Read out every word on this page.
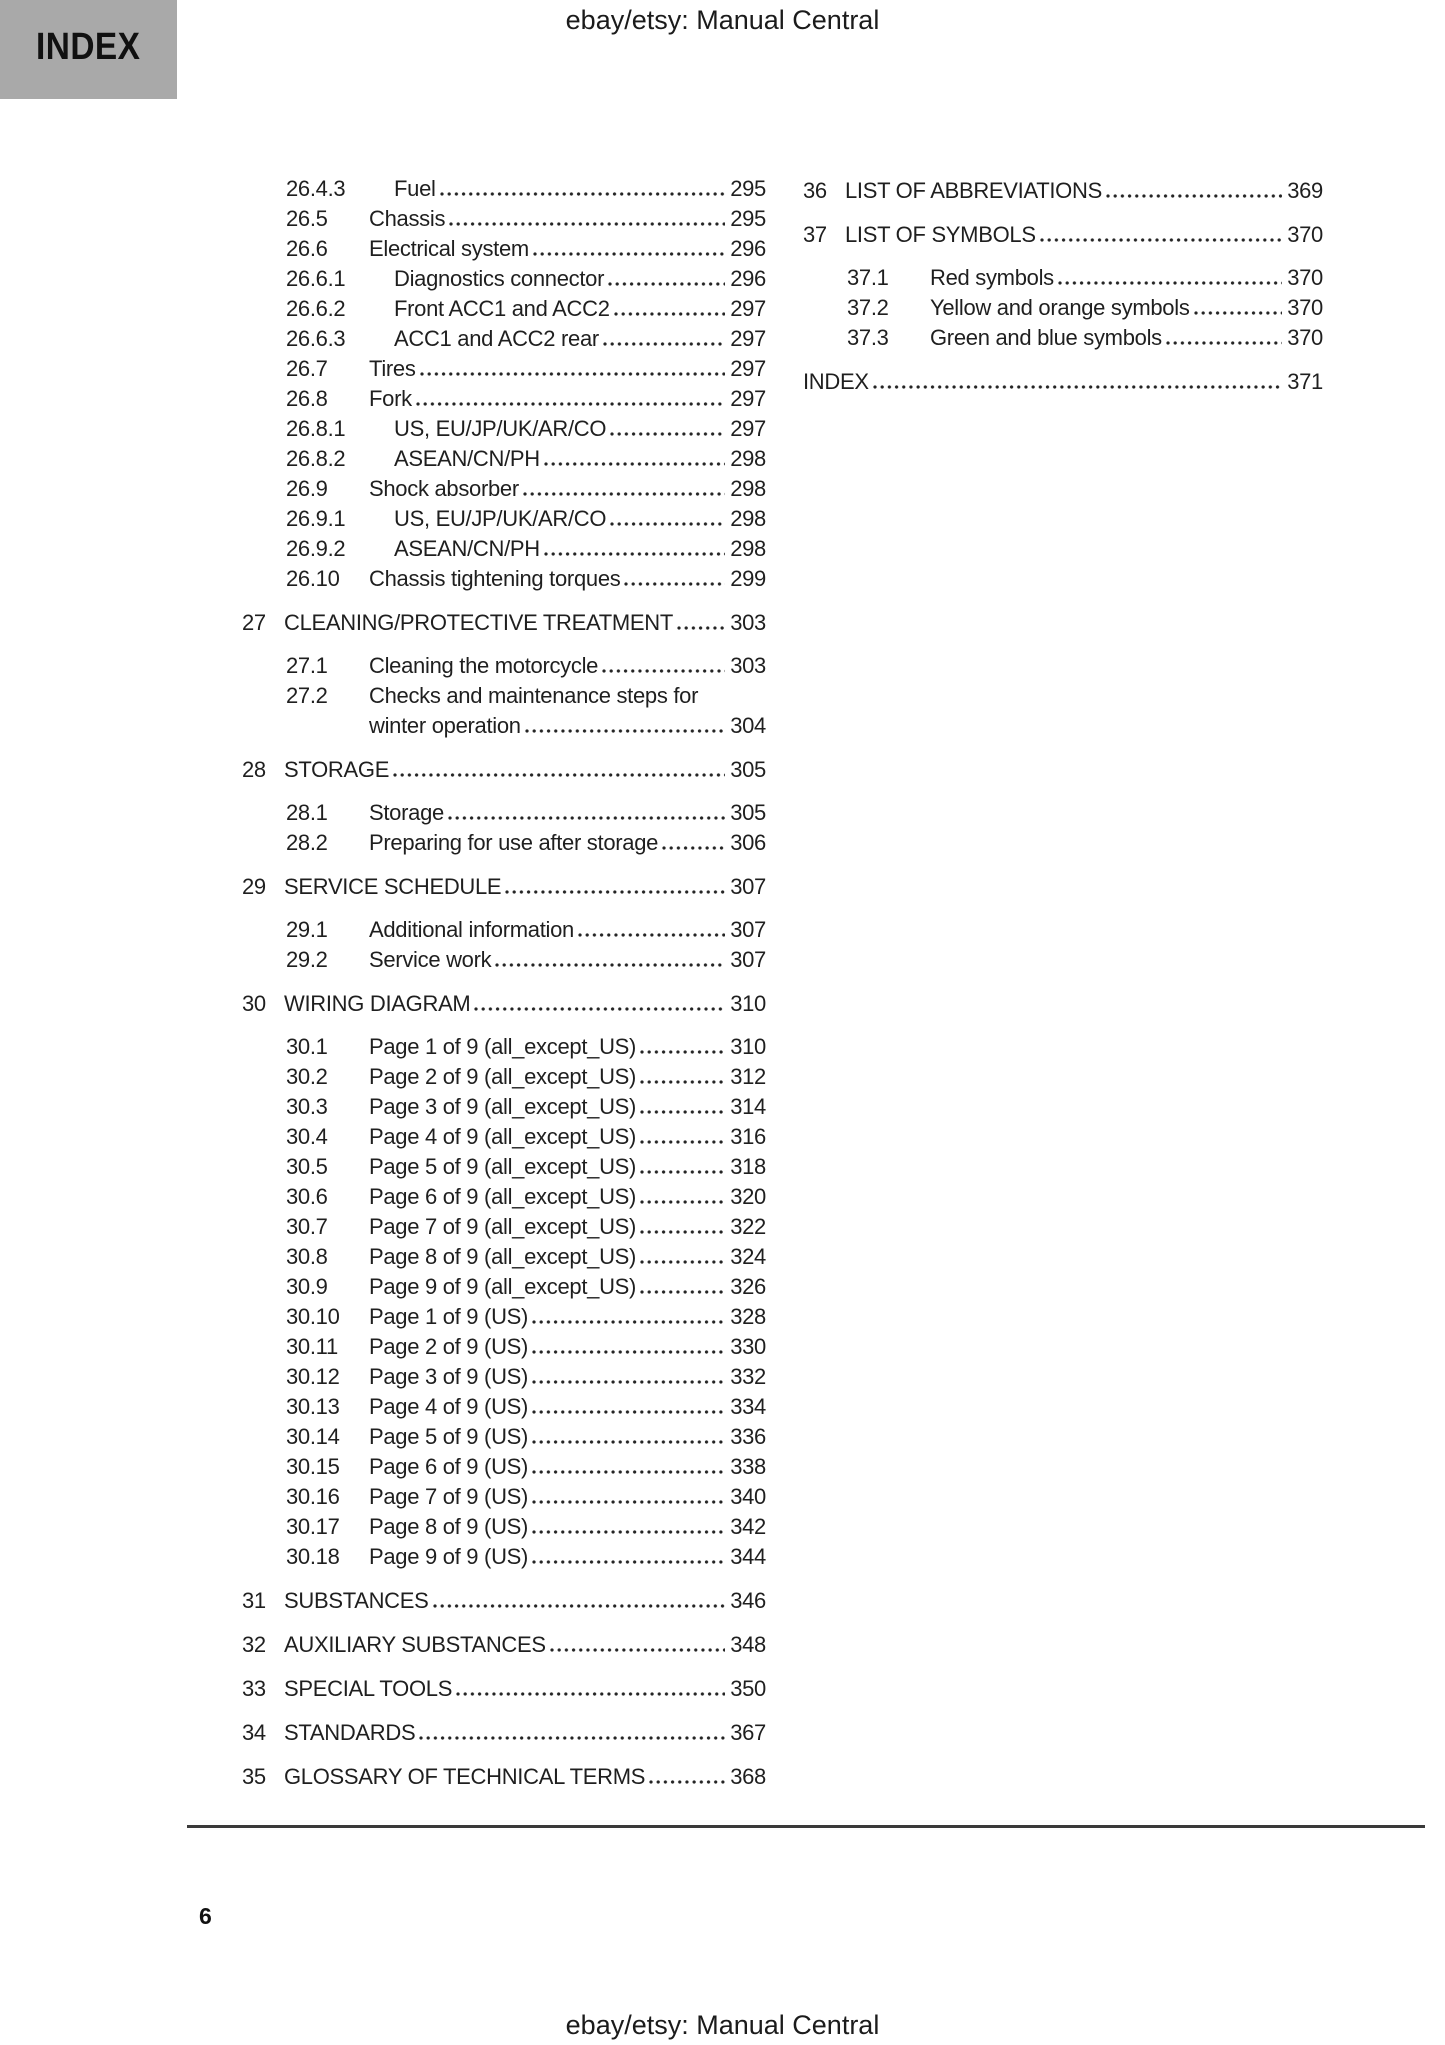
INDEX
ebay/etsy: Manual Central
26.4.3	Fuel	295
26.5	Chassis	295
26.6	Electrical system	296
26.6.1	Diagnostics connector	296
26.6.2	Front ACC1 and ACC2	297
26.6.3	ACC1 and ACC2 rear	297
26.7	Tires	297
26.8	Fork	297
26.8.1	US, EU/JP/UK/AR/CO	297
26.8.2	ASEAN/CN/PH	298
26.9	Shock absorber	298
26.9.1	US, EU/JP/UK/AR/CO	298
26.9.2	ASEAN/CN/PH	298
26.10	Chassis tightening torques	299
27 CLEANING/PROTECTIVE TREATMENT	303
27.1	Cleaning the motorcycle	303
27.2	Checks and maintenance steps for
winter operation	304
28 STORAGE	305
28.1	Storage	305
28.2	Preparing for use after storage	306
29 SERVICE SCHEDULE	307
29.1	Additional information	307
29.2	Service work	307
30 WIRING DIAGRAM	310
30.1	Page 1 of 9 (all_except_US)	310
30.2	Page 2 of 9 (all_except_US)	312
30.3	Page 3 of 9 (all_except_US)	314
30.4	Page 4 of 9 (all_except_US)	316
30.5	Page 5 of 9 (all_except_US)	318
30.6	Page 6 of 9 (all_except_US)	320
30.7	Page 7 of 9 (all_except_US)	322
30.8	Page 8 of 9 (all_except_US)	324
30.9	Page 9 of 9 (all_except_US)	326
30.10	Page 1 of 9 (US)	328
30.11	Page 2 of 9 (US)	330
30.12	Page 3 of 9 (US)	332
30.13	Page 4 of 9 (US)	334
30.14	Page 5 of 9 (US)	336
30.15	Page 6 of 9 (US)	338
30.16	Page 7 of 9 (US)	340
30.17	Page 8 of 9 (US)	342
30.18	Page 9 of 9 (US)	344
31 SUBSTANCES	346
32 AUXILIARY SUBSTANCES	348
33 SPECIAL TOOLS	350
34 STANDARDS	367
35 GLOSSARY OF TECHNICAL TERMS	368
36 LIST OF ABBREVIATIONS	369
37 LIST OF SYMBOLS	370
37.1	Red symbols	370
37.2	Yellow and orange symbols	370
37.3	Green and blue symbols	370
INDEX	371
6
ebay/etsy: Manual Central
